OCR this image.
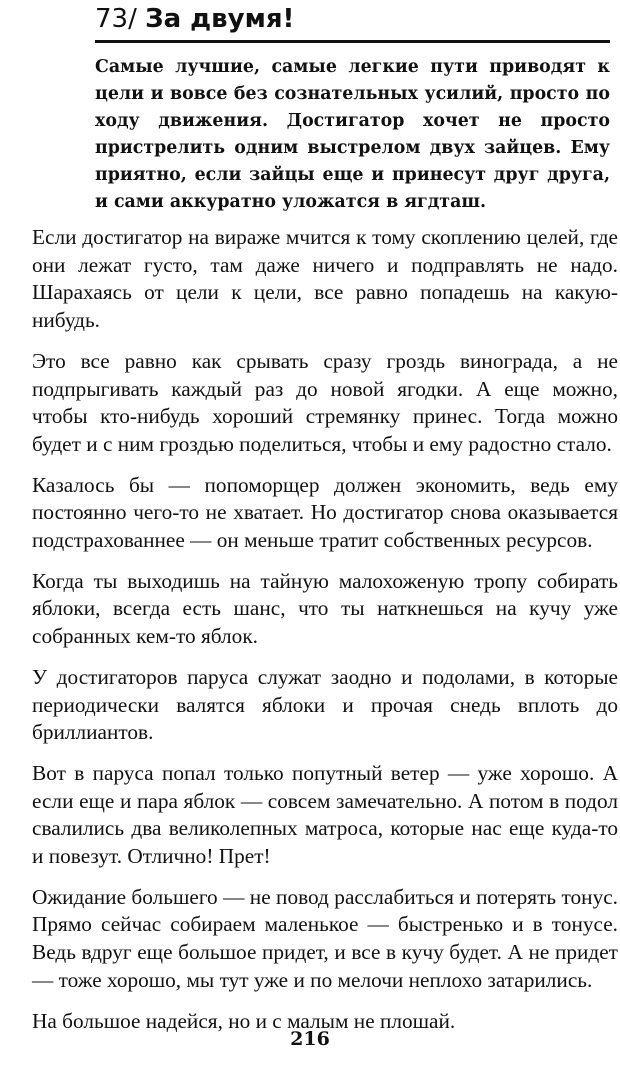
73/ За двумя!

Самые лучшие, самые легкие пути приводят к цели и вовсе без сознательных усилий, просто по ходу движения. Достигатор хочет не просто пристрелить одним выстрелом двух зайцев. Ему приятно, если зайцы еще и принесут друг друга, и сами аккуратно уложатся в ягдташ.

Если достигатор на вираже мчится к тому скоплению целей, где они лежат густо, там даже ничего и подправлять не надо. Шарахаясь от цели к цели, все равно попадешь на какую-нибудь.

Это все равно как срывать сразу гроздь винограда, а не подпрыгивать каждый раз до новой ягодки. А еще можно, чтобы кто-нибудь хороший стремянку принес. Тогда можно будет и с ним гроздью поделиться, чтобы и ему радостно стало.

Казалось бы — попоморщер должен экономить, ведь ему постоянно чего-то не хватает. Но достигатор снова оказывается подстрахованнее — он меньше тратит собственных ресурсов.

Когда ты выходишь на тайную малохоженую тропу собирать яблоки, всегда есть шанс, что ты наткнешься на кучу уже собранных кем-то яблок.

У достигаторов паруса служат заодно и подолами, в которые периодически валятся яблоки и прочая снедь вплоть до бриллиантов.

Вот в паруса попал только попутный ветер — уже хорошо. А если еще и пара яблок — совсем замечательно. А потом в подол свалились два великолепных матроса, которые нас еще куда-то и повезут. Отлично! Прет!

Ожидание большего — не повод расслабиться и потерять тонус. Прямо сейчас собираем маленькое — быстренько и в тонусе. Ведь вдруг еще большое придет, и все в кучу будет. А не придет — тоже хорошо, мы тут уже и по мелочи неплохо затарились.

На большое надейся, но и с малым не плошай.

216
